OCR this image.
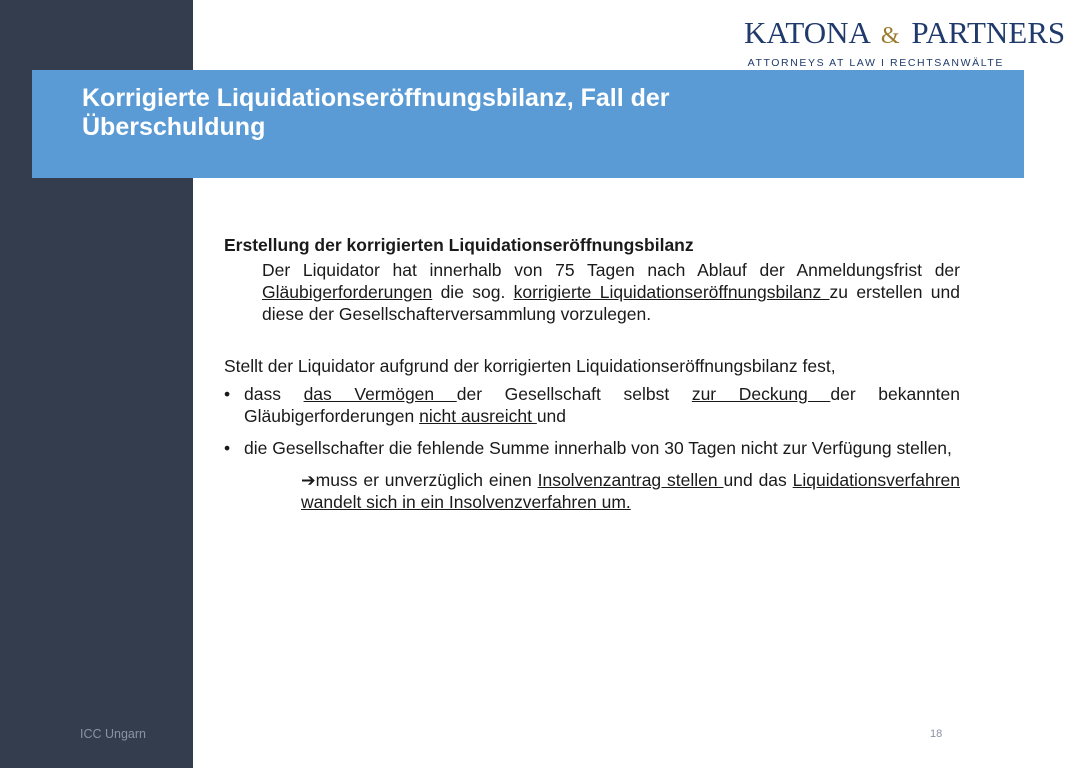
KATONA & PARTNERS
ATTORNEYS AT LAW I RECHTSANWÄLTE
Korrigierte Liquidationseröffnungsbilanz, Fall der Überschuldung
Erstellung der korrigierten Liquidationseröffnungsbilanz
Der Liquidator hat innerhalb von 75 Tagen nach Ablauf der Anmeldungsfrist der Gläubigerforderungen die sog. korrigierte Liquidationseröffnungsbilanz zu erstellen und diese der Gesellschafterversammlung vorzulegen.
Stellt der Liquidator aufgrund der korrigierten Liquidationseröffnungsbilanz fest,
• dass das Vermögen der Gesellschaft selbst zur Deckung der bekannten Gläubigerforderungen nicht ausreicht und
• die Gesellschafter die fehlende Summe innerhalb von 30 Tagen nicht zur Verfügung stellen,
➔muss er unverzüglich einen Insolvenzantrag stellen und das Liquidationsverfahren wandelt sich in ein Insolvenzverfahren um.
ICC Ungarn	18
